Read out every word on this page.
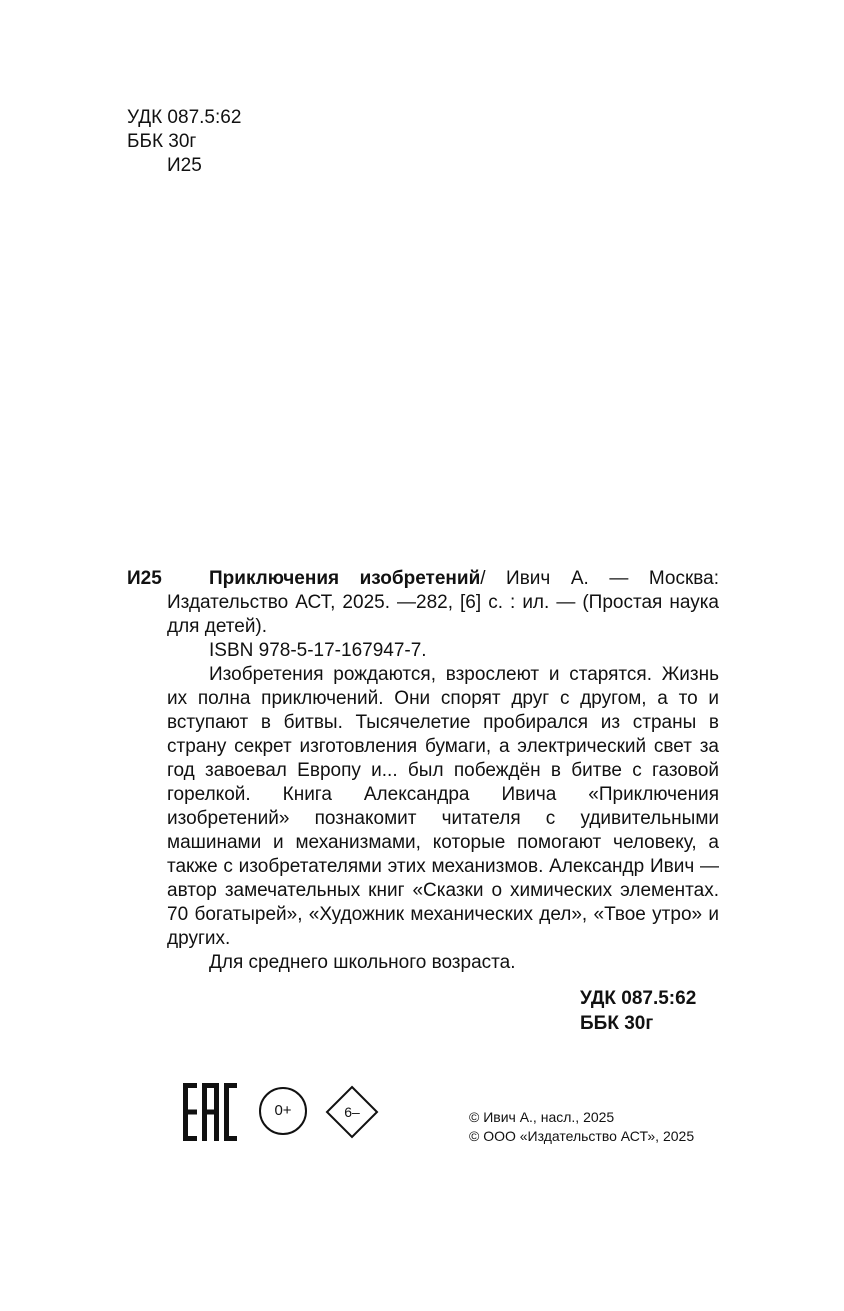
УДК 087.5:62
ББК 30г
И25
И25	Приключения изобретений/ Ивич А. — Москва: Издательство АСТ, 2025. —282, [6] с. : ил. — (Простая наука для детей).

ISBN 978-5-17-167947-7.

Изобретения рождаются, взрослеют и старятся. Жизнь их полна приключений. Они спорят друг с другом, а то и вступают в битвы. Тысячелетие пробирался из страны в страну секрет изготовления бумаги, а электрический свет за год завоевал Европу и... был побеждён в битве с газовой горелкой. Книга Александра Ивича «Приключения изобретений» познакомит читателя с удивительными машинами и механизмами, которые помогают человеку, а также с изобретателями этих механизмов. Александр Ивич — автор замечательных книг «Сказки о химических элементах. 70 богатырей», «Художник механических дел», «Твое утро» и других.

Для среднего школьного возраста.

УДК 087.5:62
ББК 30г
0+	6–	© Ивич А., насл., 2025
© ООО «Издательство АСТ», 2025
